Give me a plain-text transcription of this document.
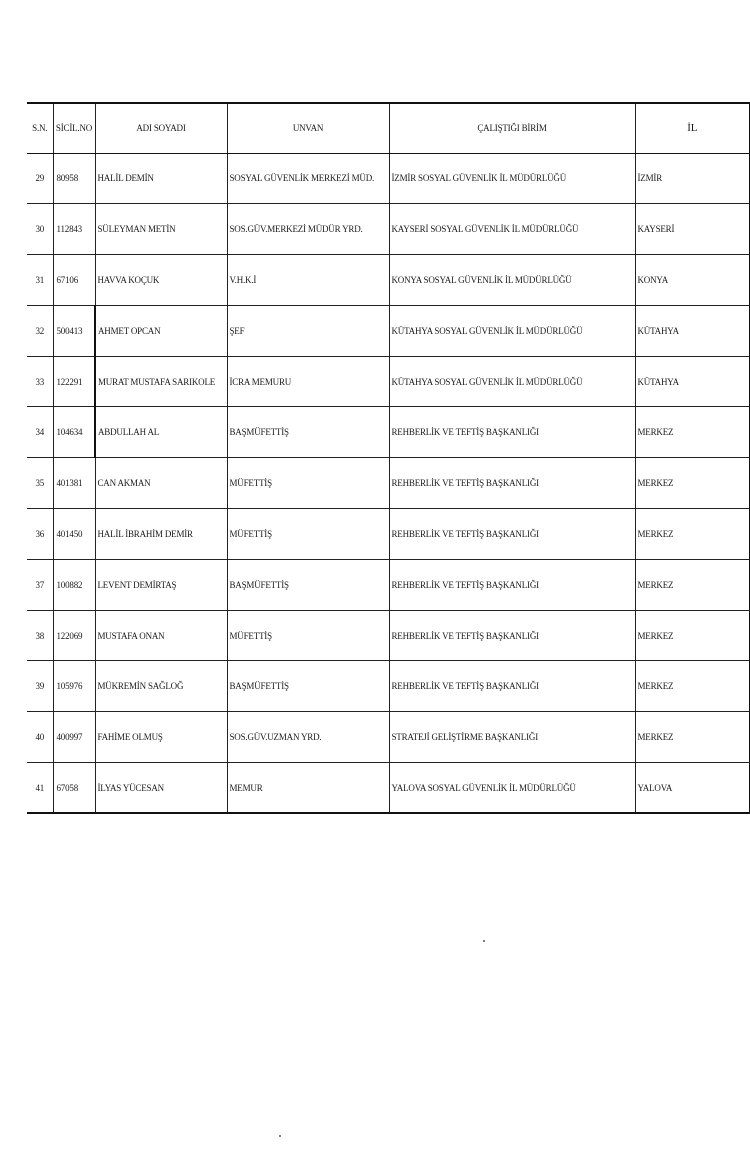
S.N.	SİCİL.NO	ADI SOYADI	UNVAN	ÇALIŞTIĞI BİRİM	İL
29	80958	HALİL DEMİN	SOSYAL GÜVENLİK MERKEZİ MÜD.	İZMİR SOSYAL GÜVENLİK İL MÜDÜRLÜĞÜ	İZMİR
30	112843	SÜLEYMAN METİN	SOS.GÜV.MERKEZİ MÜDÜR YRD.	KAYSERİ SOSYAL GÜVENLİK İL MÜDÜRLÜĞÜ	KAYSERİ
31	67106	HAVVA KOÇUK	V.H.K.İ	KONYA SOSYAL GÜVENLİK İL MÜDÜRLÜĞÜ	KONYA
32	500413	AHMET OPCAN	ŞEF	KÜTAHYA SOSYAL GÜVENLİK İL MÜDÜRLÜĞÜ	KÜTAHYA
33	122291	MURAT MUSTAFA SARIKOLE	İCRA MEMURU	KÜTAHYA SOSYAL GÜVENLİK İL MÜDÜRLÜĞÜ	KÜTAHYA
34	104634	ABDULLAH AL	BAŞMÜFETTİŞ	REHBERLİK VE TEFTİŞ BAŞKANLIĞI	MERKEZ
35	401381	CAN AKMAN	MÜFETTİŞ	REHBERLİK VE TEFTİŞ BAŞKANLIĞI	MERKEZ
36	401450	HALİL İBRAHİM DEMİR	MÜFETTİŞ	REHBERLİK VE TEFTİŞ BAŞKANLIĞI	MERKEZ
37	100882	LEVENT DEMİRTAŞ	BAŞMÜFETTİŞ	REHBERLİK VE TEFTİŞ BAŞKANLIĞI	MERKEZ
38	122069	MUSTAFA ONAN	MÜFETTİŞ	REHBERLİK VE TEFTİŞ BAŞKANLIĞI	MERKEZ
39	105976	MÜKREMİN SAĞLOĞ	BAŞMÜFETTİŞ	REHBERLİK VE TEFTİŞ BAŞKANLIĞI	MERKEZ
40	400997	FAHİME OLMUŞ	SOS.GÜV.UZMAN YRD.	STRATEJİ GELİŞTİRME BAŞKANLIĞI	MERKEZ
41	67058	İLYAS YÜCESAN	MEMUR	YALOVA SOSYAL GÜVENLİK İL MÜDÜRLÜĞÜ	YALOVA
